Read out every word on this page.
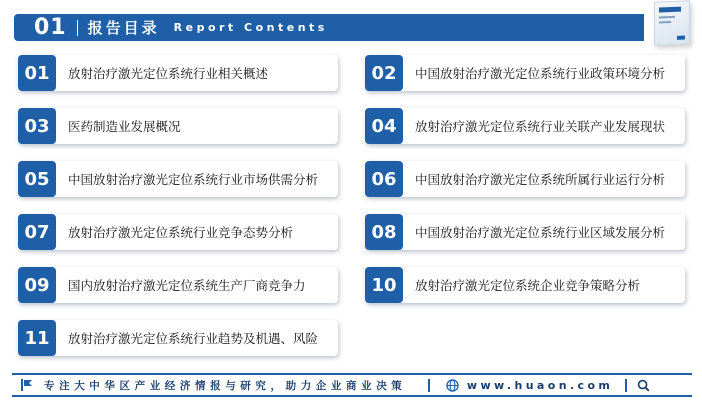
01 报告目录 Report Contents
01	放射治疗激光定位系统行业相关概述
03	医药制造业发展概况
05	中国放射治疗激光定位系统行业市场供需分析
07	放射治疗激光定位系统行业竞争态势分析
09	国内放射治疗激光定位系统生产厂商竞争力
11	放射治疗激光定位系统行业趋势及机遇、风险
02	中国放射治疗激光定位系统行业政策环境分析
04	放射治疗激光定位系统行业关联产业发展现状
06	中国放射治疗激光定位系统所属行业运行分析
08	中国放射治疗激光定位系统行业区域发展分析
10	放射治疗激光定位系统企业竞争策略分析
专注大中华区产业经济情报与研究，助力企业商业决策	www.huaon.com
